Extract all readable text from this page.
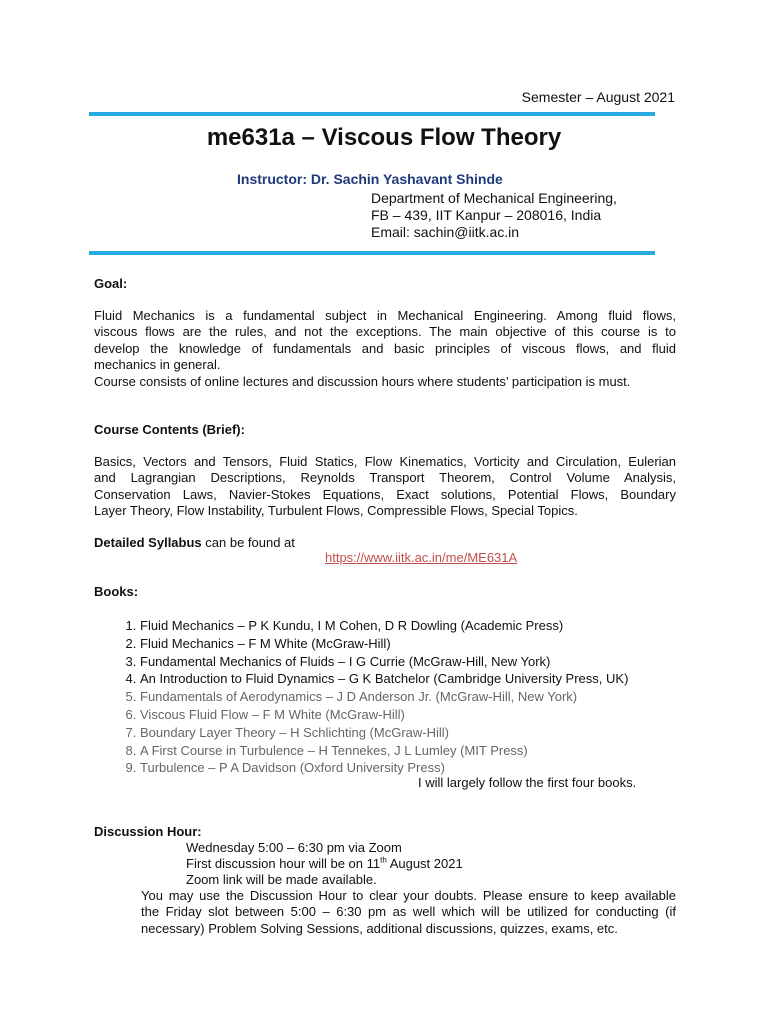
Semester – August 2021
me631a – Viscous Flow Theory
Instructor: Dr. Sachin Yashavant Shinde
Department of Mechanical Engineering,
FB – 439, IIT Kanpur – 208016, India
Email: sachin@iitk.ac.in
Goal:
Fluid Mechanics is a fundamental subject in Mechanical Engineering. Among fluid flows,
viscous flows are the rules, and not the exceptions. The main objective of this course is to
develop the knowledge of fundamentals and basic principles of viscous flows, and fluid
mechanics in general.
Course consists of online lectures and discussion hours where students’ participation is must.
Course Contents (Brief):
Basics, Vectors and Tensors, Fluid Statics, Flow Kinematics, Vorticity and Circulation, Eulerian
and Lagrangian Descriptions, Reynolds Transport Theorem, Control Volume Analysis,
Conservation Laws, Navier-Stokes Equations, Exact solutions, Potential Flows, Boundary
Layer Theory, Flow Instability, Turbulent Flows, Compressible Flows, Special Topics.
Detailed Syllabus can be found at
https://www.iitk.ac.in/me/ME631A
Books:
1. Fluid Mechanics – P K Kundu, I M Cohen, D R Dowling (Academic Press)
2. Fluid Mechanics – F M White (McGraw-Hill)
3. Fundamental Mechanics of Fluids – I G Currie (McGraw-Hill, New York)
4. An Introduction to Fluid Dynamics – G K Batchelor (Cambridge University Press, UK)
5. Fundamentals of Aerodynamics – J D Anderson Jr. (McGraw-Hill, New York)
6. Viscous Fluid Flow – F M White (McGraw-Hill)
7. Boundary Layer Theory – H Schlichting (McGraw-Hill)
8. A First Course in Turbulence – H Tennekes, J L Lumley (MIT Press)
9. Turbulence – P A Davidson (Oxford University Press)
I will largely follow the first four books.
Discussion Hour:
Wednesday 5:00 – 6:30 pm via Zoom
First discussion hour will be on 11th August 2021
Zoom link will be made available.
You may use the Discussion Hour to clear your doubts. Please ensure to keep available
the Friday slot between 5:00 – 6:30 pm as well which will be utilized for conducting (if
necessary) Problem Solving Sessions, additional discussions, quizzes, exams, etc.
